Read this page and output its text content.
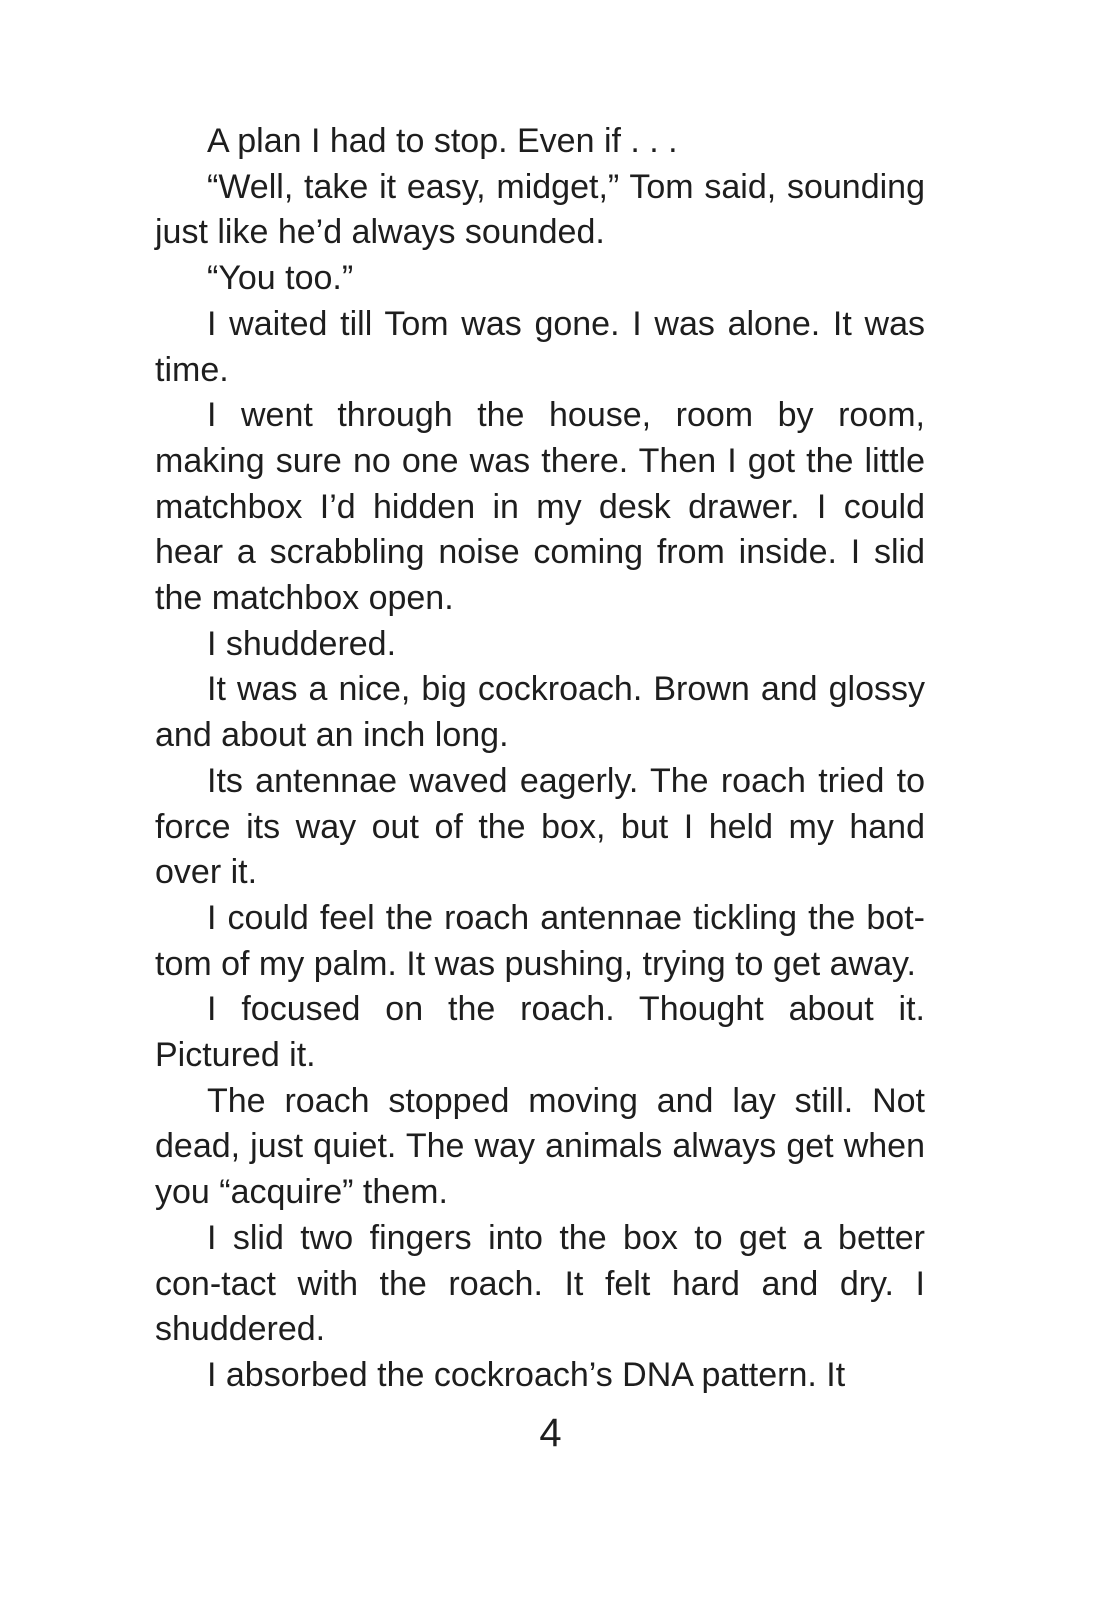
A plan I had to stop. Even if . . .

“Well, take it easy, midget,” Tom said, sounding just like he’d always sounded.

“You too.”

I waited till Tom was gone. I was alone. It was time.

I went through the house, room by room, making sure no one was there. Then I got the little matchbox I’d hidden in my desk drawer. I could hear a scrabbling noise coming from inside. I slid the matchbox open.

I shuddered.

It was a nice, big cockroach. Brown and glossy and about an inch long.

Its antennae waved eagerly. The roach tried to force its way out of the box, but I held my hand over it.

I could feel the roach antennae tickling the bot-tom of my palm. It was pushing, trying to get away.

I focused on the roach. Thought about it. Pictured it.

The roach stopped moving and lay still. Not dead, just quiet. The way animals always get when you “acquire” them.

I slid two fingers into the box to get a better con-tact with the roach. It felt hard and dry. I shuddered.

I absorbed the cockroach’s DNA pattern. It

4
